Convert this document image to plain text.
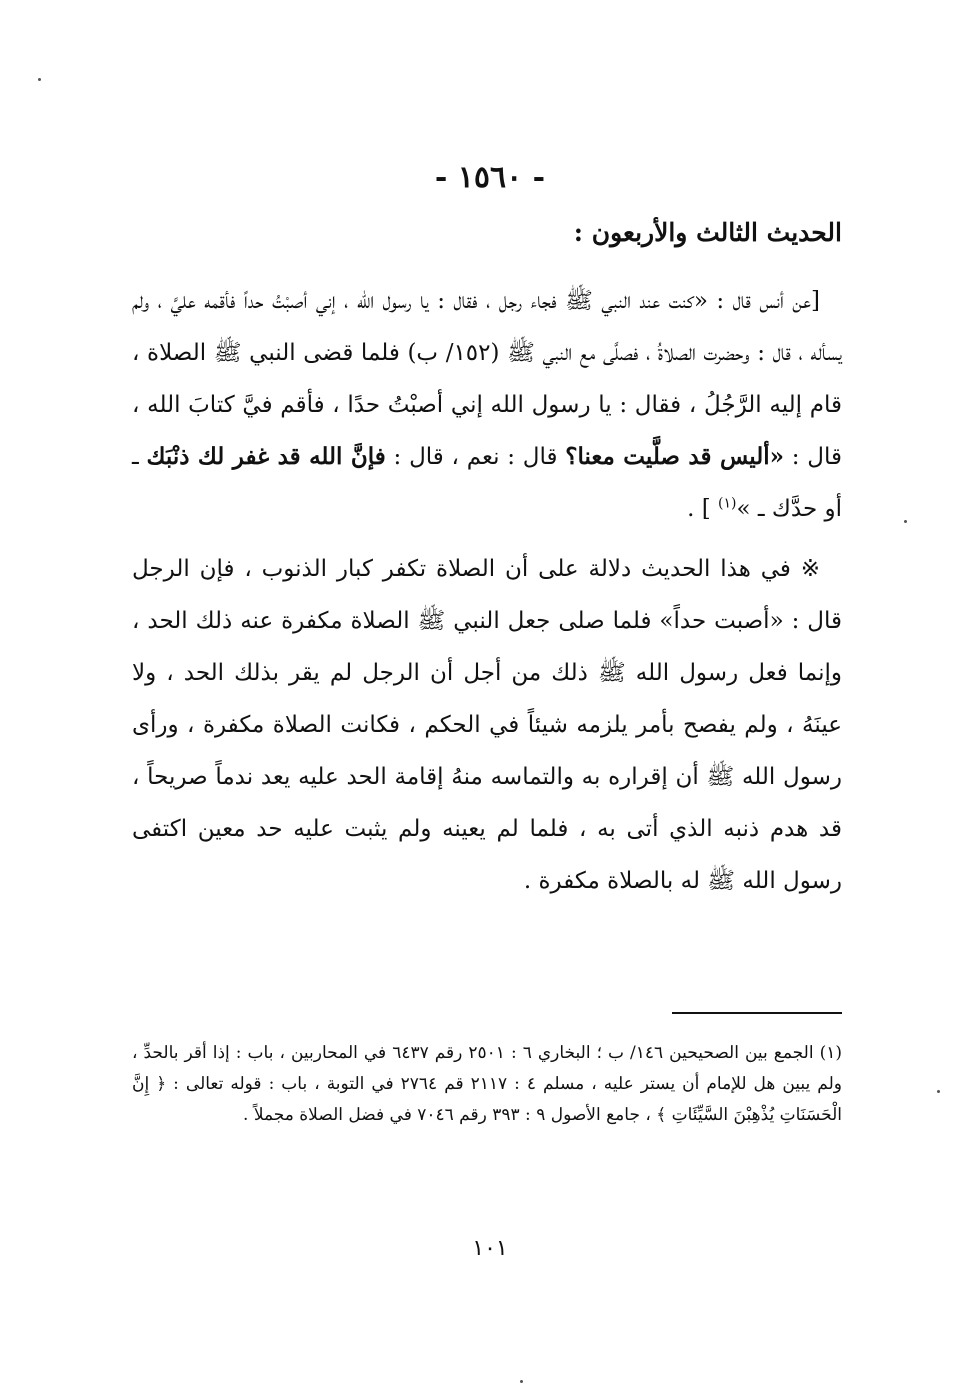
- ١٥٦٠ -
الحديث الثالث والأربعون :

[عن أنس قال : «كنت عند النبي ﷺ فجاء رجل ، فقال : يا رسول الله ، إني أصبْتُ حداً فأقمه عليَّ ، ولم يسأله ، قال : وحضرت الصلاةُ ، فصلَّى مع النبي ﷺ (١٥٢/ ب) فلما قضى النبي ﷺ الصلاة ، قام إليه الرَّجُلُ ، فقال : يا رسول الله إني أصبْتُ حدًا ، فأقم فيَّ كتابَ الله ، قال : «أليس قد صلَّيت معنا؟ قال : نعم ، قال : فإنَّ الله قد غفر لك ذنْبَك ـ أو حدَّك ـ »$^{(١)}$ ] .

※ في هذا الحديث دلالة على أن الصلاة تكفر كبار الذنوب ، فإن الرجل قال : «أصبت حداً» فلما صلى جعل النبي ﷺ الصلاة مكفرة عنه ذلك الحد ، وإنما فعل رسول الله ﷺ ذلك من أجل أن الرجل لم يقر بذلك الحد ، ولا عينَهُ ، ولم يفصح بأمر يلزمه شيئاً في الحكم ، فكانت الصلاة مكفرة ، ورأى رسول الله ﷺ أن إقراره به والتماسه منهُ إقامة الحد عليه يعد ندماً صريحاً ، قد هدم ذنبه الذي أتى به ، فلما لم يعينه ولم يثبت عليه حد معين اكتفى رسول الله ﷺ له بالصلاة مكفرة .

(١) الجمع بين الصحيحين ١٤٦/ ب ؛ البخاري ٦ : ٢٥٠١ رقم ٦٤٣٧ في المحاربين ، باب : إذا أقر بالحدِّ ، ولم يبين هل للإمام أن يستر عليه ، مسلم ٤ : ٢١١٧ قم ٢٧٦٤ في التوبة ، باب : قوله تعالى : ﴿ إِنَّ الْحَسَنَاتِ يُذْهِبْنَ السَّيِّئَاتِ ﴾ ، جامع الأصول ٩ : ٣٩٣ رقم ٧٠٤٦ في فضل الصلاة مجملاً .

١٠١
